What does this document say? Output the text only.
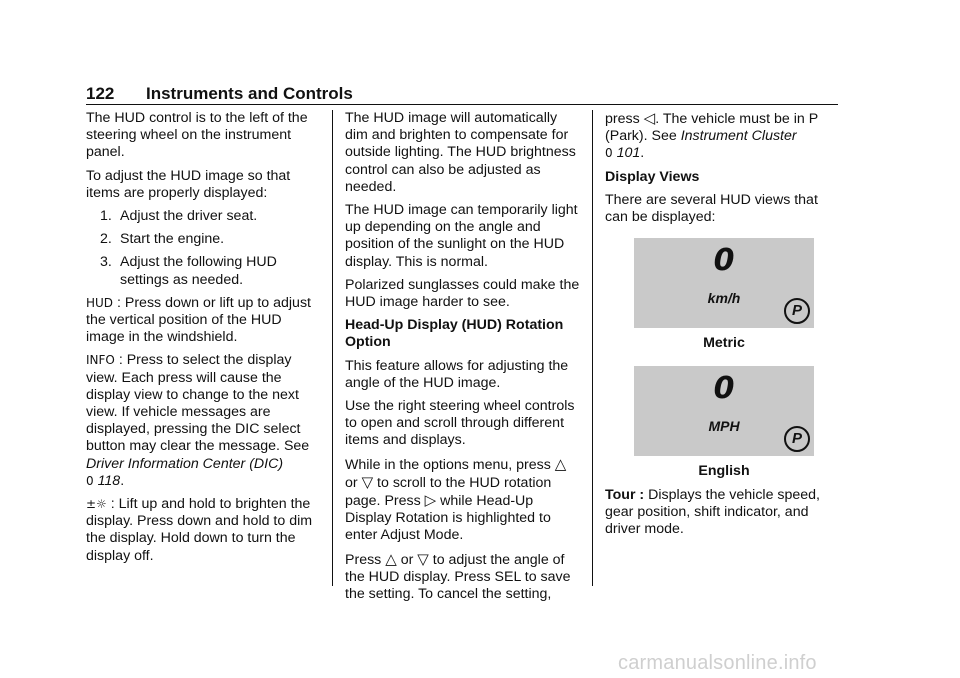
122 Instruments and Controls

The HUD control is to the left of the steering wheel on the instrument panel.

To adjust the HUD image so that items are properly displayed:

1. Adjust the driver seat.
2. Start the engine.
3. Adjust the following HUD settings as needed.

HUD : Press down or lift up to adjust the vertical position of the HUD image in the windshield.

INFO : Press to select the display view. Each press will cause the display view to change to the next view. If vehicle messages are displayed, pressing the DIC select button may clear the message. See Driver Information Center (DIC)
0 118.

±☼ : Lift up and hold to brighten the display. Press down and hold to dim the display. Hold down to turn the display off.

The HUD image will automatically dim and brighten to compensate for outside lighting. The HUD brightness control can also be adjusted as needed.

The HUD image can temporarily light up depending on the angle and position of the sunlight on the HUD display. This is normal.

Polarized sunglasses could make the HUD image harder to see.

Head-Up Display (HUD) Rotation Option

This feature allows for adjusting the angle of the HUD image.

Use the right steering wheel controls to open and scroll through different items and displays.

While in the options menu, press △
or ▽ to scroll to the HUD rotation page. Press ▷ while Head-Up Display Rotation is highlighted to enter Adjust Mode.

Press △ or ▽ to adjust the angle of the HUD display. Press SEL to save the setting. To cancel the setting,

press ◁. The vehicle must be in P (Park). See Instrument Cluster
0 101.

Display Views

There are several HUD views that can be displayed:

0
km/h
P
Metric
0
MPH
P
English

Tour : Displays the vehicle speed, gear position, shift indicator, and driver mode.

carmanualsonline.info
